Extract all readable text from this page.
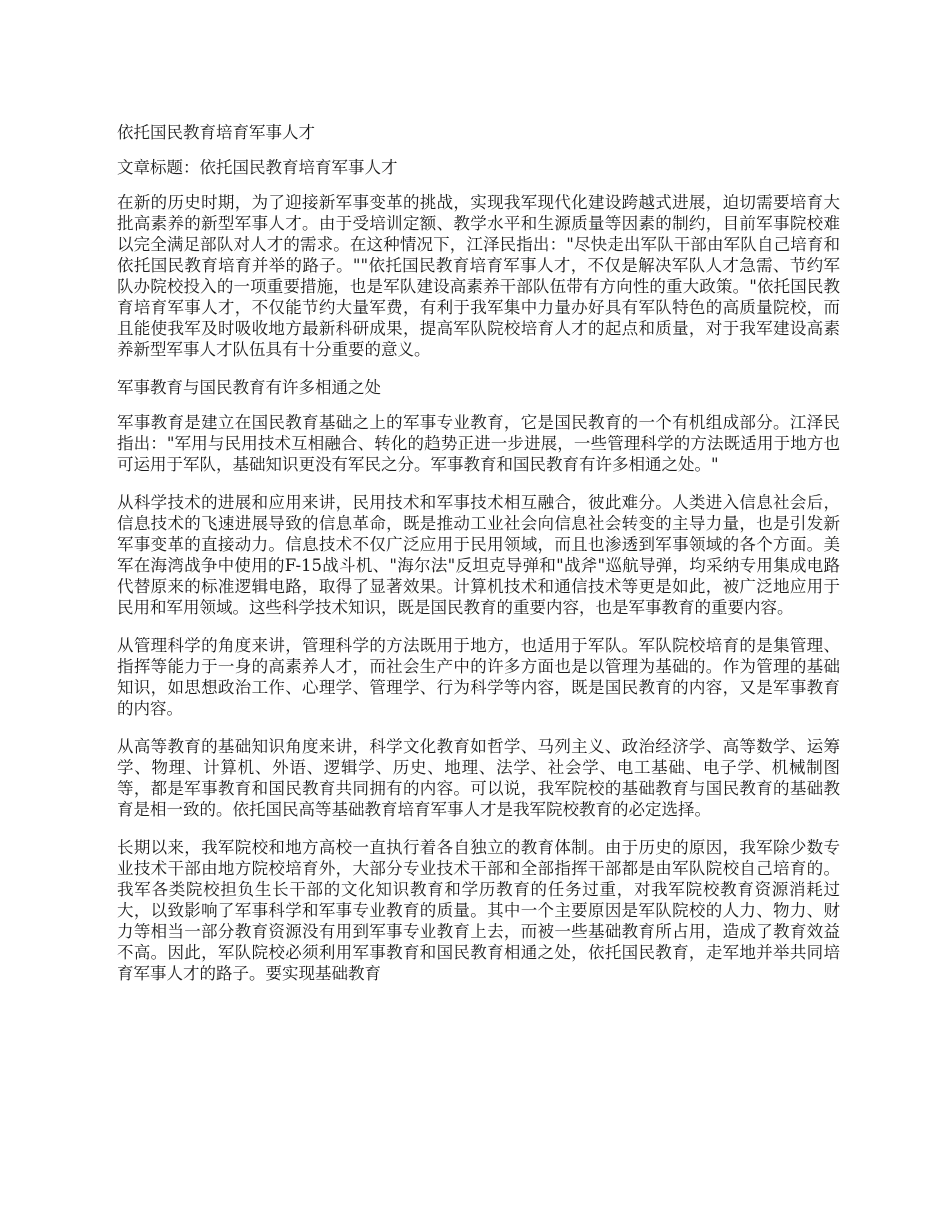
依托国民教育培育军事人才

文章标题：依托国民教育培育军事人才

在新的历史时期，为了迎接新军事变革的挑战，实现我军现代化建设跨越式进展，迫切需要培育大批高素养的新型军事人才。由于受培训定额、教学水平和生源质量等因素的制约，目前军事院校难以完全满足部队对人才的需求。在这种情况下，江泽民指出："尽快走出军队干部由军队自己培育和依托国民教育培育并举的路子。""依托国民教育培育军事人才，不仅是解决军队人才急需、节约军队办院校投入的一项重要措施，也是军队建设高素养干部队伍带有方向性的重大政策。"依托国民教育培育军事人才，不仅能节约大量军费，有利于我军集中力量办好具有军队特色的高质量院校，而且能使我军及时吸收地方最新科研成果，提高军队院校培育人才的起点和质量，对于我军建设高素养新型军事人才队伍具有十分重要的意义。

军事教育与国民教育有许多相通之处

军事教育是建立在国民教育基础之上的军事专业教育，它是国民教育的一个有机组成部分。江泽民指出："军用与民用技术互相融合、转化的趋势正进一步进展，一些管理科学的方法既适用于地方也可运用于军队，基础知识更没有军民之分。军事教育和国民教育有许多相通之处。"

从科学技术的进展和应用来讲，民用技术和军事技术相互融合，彼此难分。人类进入信息社会后，信息技术的飞速进展导致的信息革命，既是推动工业社会向信息社会转变的主导力量，也是引发新军事变革的直接动力。信息技术不仅广泛应用于民用领域，而且也渗透到军事领域的各个方面。美军在海湾战争中使用的F-15战斗机、"海尔法"反坦克导弹和"战斧"巡航导弹，均采纳专用集成电路代替原来的标准逻辑电路，取得了显著效果。计算机技术和通信技术等更是如此，被广泛地应用于民用和军用领域。这些科学技术知识，既是国民教育的重要内容，也是军事教育的重要内容。

从管理科学的角度来讲，管理科学的方法既用于地方，也适用于军队。军队院校培育的是集管理、指挥等能力于一身的高素养人才，而社会生产中的许多方面也是以管理为基础的。作为管理的基础知识，如思想政治工作、心理学、管理学、行为科学等内容，既是国民教育的内容，又是军事教育的内容。

从高等教育的基础知识角度来讲，科学文化教育如哲学、马列主义、政治经济学、高等数学、运筹学、物理、计算机、外语、逻辑学、历史、地理、法学、社会学、电工基础、电子学、机械制图等，都是军事教育和国民教育共同拥有的内容。可以说，我军院校的基础教育与国民教育的基础教育是相一致的。依托国民高等基础教育培育军事人才是我军院校教育的必定选择。

长期以来，我军院校和地方高校一直执行着各自独立的教育体制。由于历史的原因，我军除少数专业技术干部由地方院校培育外，大部分专业技术干部和全部指挥干部都是由军队院校自己培育的。我军各类院校担负生长干部的文化知识教育和学历教育的任务过重，对我军院校教育资源消耗过大，以致影响了军事科学和军事专业教育的质量。其中一个主要原因是军队院校的人力、物力、财力等相当一部分教育资源没有用到军事专业教育上去，而被一些基础教育所占用，造成了教育效益不高。因此，军队院校必须利用军事教育和国民教育相通之处，依托国民教育，走军地并举共同培育军事人才的路子。要实现基础教育
